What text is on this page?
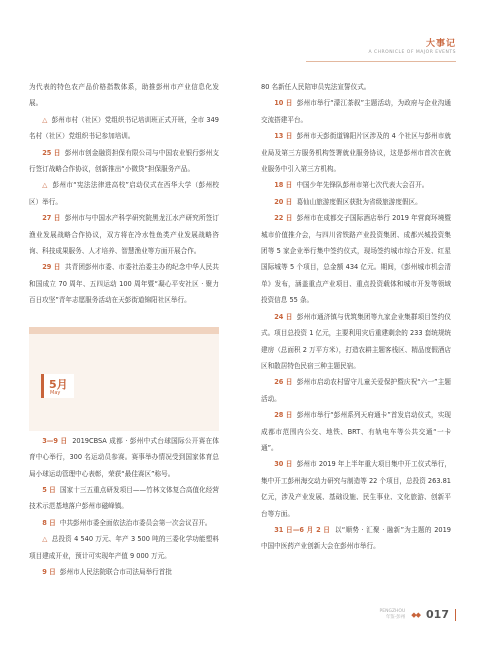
大事记
A CHRONICLE OF MAJOR EVENTS

为代表的特色农产品价格指数体系，助推彭州市产业信息化发展。

△ 彭州市村（社区）党组织书记培训班正式开班，全市 349 名村（社区）党组织书记参加培训。

25 日 彭州市创金融资担保有限公司与中国农业银行彭州支行签订战略合作协议，创新推出“小微贷”担保服务产品。

△ 彭州市“宪法法律进高校”启动仪式在西华大学（彭州校区）举行。

27 日 彭州市与中国水产科学研究院黑龙江水产研究所签订渔业发展战略合作协议，双方将在冷水性鱼类产业发展战略咨询、科技成果服务、人才培养、智慧渔业等方面开展合作。

29 日 共青团彭州市委、市委社治委主办的纪念中华人民共和国成立 70 周年、五四运动 100 周年暨“凝心平安社区 · 聚力百日攻坚”青年志愿服务活动在天彭街道锦阳社区举行。

3—9 日 2019CBSA 成都 · 彭州中式台球国际公开赛在体育中心举行，300 名运动员参赛。赛事举办情况受到国家体育总局小球运动管理中心表彰，荣获“最佳赛区”称号。

5 日 国家十三五重点研发项目——竹林文体复合高值化经营技术示范基地落户彭州市磁峰镇。

8 日 中共彭州市委全面依法治市委员会第一次会议召开。

△ 总投资 4 540 万元、年产 3 500 吨的三委化学功能塑料项目建成开业，预计可实现年产值 9 000 万元。

9 日 彭州市人民法院联合市司法局举行首批

5月
May

80 名新任人民陪审员宪法宣誓仪式。

10 日 彭州市举行“濛江茶叙”主题活动，为政府与企业沟通交流搭建平台。

13 日 彭州市天彭街道锦阳片区涉及的 4 个社区与彭州市就业局及第三方服务机构签署就业服务协议，这是彭州市首次在就业服务中引入第三方机构。

18 日 中国少年先锋队彭州市第七次代表大会召开。

20 日 葛仙山旅游度假区获批为省级旅游度假区。

22 日 彭州市在成都交子国际酒店举行 2019 年营商环境暨城市价值推介会，与四川省铁路产业投资集团、成都兴城投资集团等 5 家企业举行集中签约仪式，现场签约城市综合开发、红星国际城等 5 个项目，总金额 434 亿元。期间，《彭州城市机会清单》发布，涵盖重点产业项目、重点投资载体和城市开发等领域投资信息 55 条。

24 日 彭州市通济镇与优筑集团等九家企业集群项目签约仪式。项目总投资 1 亿元，主要利用灾后重建剩余的 233 套统规统建房（总面积 2 万平方米），打造农耕主题客栈区、精品度假酒店区和散居特色民宿三种主题民宿。

26 日 彭州市启动农村留守儿童关爱保护暨庆祝“六一”主题活动。

28 日 彭州市举行“彭州系列天府通卡”首发启动仪式，实现成都市范围内公交、地铁、BRT、有轨电车等公共交通“一卡通”。

30 日 彭州市 2019 年上半年重大项目集中开工仪式举行，集中开工彭州海交动力研究与制造等 22 个项目，总投资 263.81 亿元，涉及产业发展、基础设施、民生事业、文化旅游、创新平台等方面。

31 日—6 月 2 日 以“顺势 · 汇聚 · 融新”为主题的 2019 中国中医药产业创新大会在彭州市举行。

PENGZHOU
年鉴·彭州 ◆◆ 017
